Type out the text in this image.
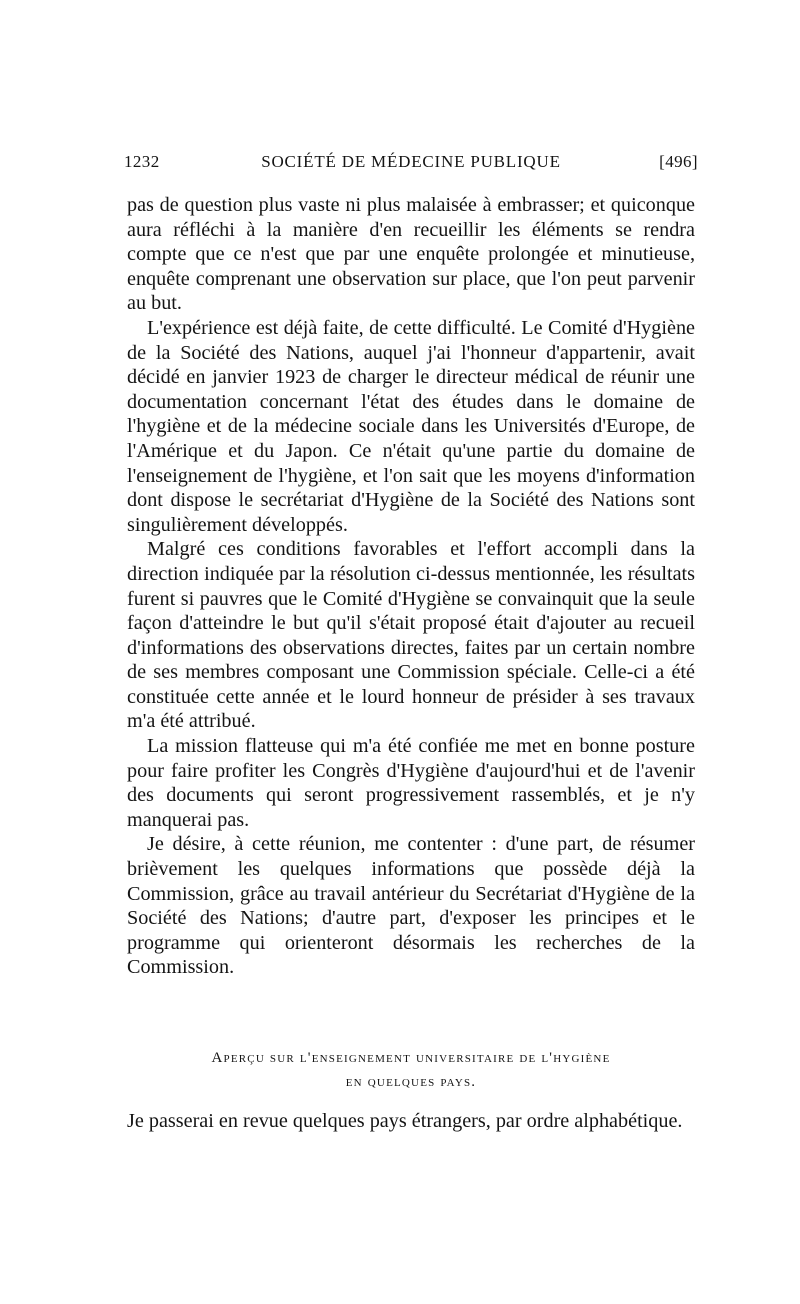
1232	SOCIÉTÉ DE MÉDECINE PUBLIQUE	[496]

pas de question plus vaste ni plus malaisée à embrasser; et quiconque aura réfléchi à la manière d'en recueillir les éléments se rendra compte que ce n'est que par une enquête prolongée et minutieuse, enquête comprenant une observation sur place, que l'on peut parvenir au but.

L'expérience est déjà faite, de cette difficulté. Le Comité d'Hygiène de la Société des Nations, auquel j'ai l'honneur d'appartenir, avait décidé en janvier 1923 de charger le directeur médical de réunir une documentation concernant l'état des études dans le domaine de l'hygiène et de la médecine sociale dans les Universités d'Europe, de l'Amérique et du Japon. Ce n'était qu'une partie du domaine de l'enseignement de l'hygiène, et l'on sait que les moyens d'information dont dispose le secrétariat d'Hygiène de la Société des Nations sont singulièrement développés.

Malgré ces conditions favorables et l'effort accompli dans la direction indiquée par la résolution ci-dessus mentionnée, les résultats furent si pauvres que le Comité d'Hygiène se convainquit que la seule façon d'atteindre le but qu'il s'était proposé était d'ajouter au recueil d'informations des observations directes, faites par un certain nombre de ses membres composant une Commission spéciale. Celle-ci a été constituée cette année et le lourd honneur de présider à ses travaux m'a été attribué.

La mission flatteuse qui m'a été confiée me met en bonne posture pour faire profiter les Congrès d'Hygiène d'aujourd'hui et de l'avenir des documents qui seront progressivement rassemblés, et je n'y manquerai pas.

Je désire, à cette réunion, me contenter : d'une part, de résumer brièvement les quelques informations que possède déjà la Commission, grâce au travail antérieur du Secrétariat d'Hygiène de la Société des Nations; d'autre part, d'exposer les principes et le programme qui orienteront désormais les recherches de la Commission.

Aperçu sur l'enseignement universitaire de l'hygiène
en quelques pays.

Je passerai en revue quelques pays étrangers, par ordre alphabétique.
